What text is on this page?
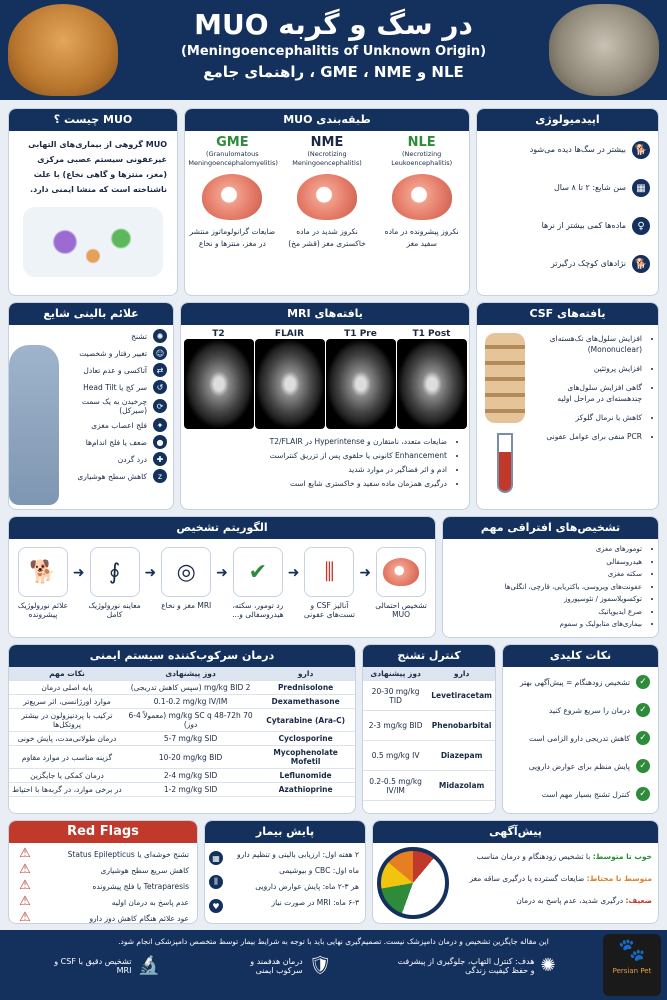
MUO در سگ و گربه
(Meningoencephalitis of Unknown Origin)
راهنمای جامع ، GME ، NME و NLE
MUO چیست ؟
MUO گروهی از بیماری‌های التهابی غیرعفونی سیستم عصبی مرکزی (مغز، منتزها و گاهی نخاع) با علت ناشناخته است که منشا ایمنی دارد.
طبقه‌بندی MUO
NLE
(Necrotizing Leukoencephalitis)
نکروز پیشرونده در ماده سفید مغز
NME
(Necrotizing Meningoencephalitis)
نکروز شدید در ماده خاکستری مغز (قشر مخ)
GME
(Granulomatous Meningoencephalomyelitis)
ضایعات گرانولوماتوز منتشر در مغز، منتزها و نخاع
اپیدمیولوژی
🐕
بیشتر در سگ‌ها دیده می‌شود
▦
سن شایع: ۲ تا ۸ سال
♀
ماده‌ها کمی بیشتر از نرها
🐕
نژادهای کوچک درگیرتر
علائم بالینی شایع
✺
تشنج
☺
تغییر رفتار و شخصیت
⇄
آتاکسی و عدم تعادل
↺
سر کج یا Head Tilt
⟳
چرخیدن به یک سمت (سیرکل)
✦
فلج اعصاب مغزی
●
ضعف یا فلج اندام‌ها
✚
درد گردن
z
کاهش سطح هوشیاری
یافته‌های MRI
T1 Post
T1 Pre
FLAIR
T2
• ضایعات متعدد، نامتقارن و Hyperintense در T2/FLAIR
• Enhancement کانونی یا حلقوی پس از تزریق کنتراست
• ادم و اثر فضاگیر در موارد شدید
• درگیری همزمان ماده سفید و خاکستری شایع است
یافته‌های CSF
• افزایش سلول‌های تک‌هسته‌ای (Mononuclear)
• افزایش پروتئین
• گاهی افزایش سلول‌های چندهسته‌ای در مراحل اولیه
• کاهش یا نرمال گلوکز
• PCR منفی برای عوامل عفونی
الگوریتم تشخیص
🐕
علائم نورولوژیک پیشرونده
➜	∮
معاینه نورولوژیک کامل
➜ ◎
MRI مغز و نخاع
➜ ✔
رد تومور، سکته، هیدروسفالی و...
➜	⫼
آنالیز CSF و تست‌های عفونی
➜
تشخیص احتمالی MUO
تشخیص‌های افتراقی مهم
• تومورهای مغزی
• هیدروسفالی
• سکته مغزی
• عفونت‌های ویروسی، باکتریایی، قارچی، انگلی‌ها
• توکسوپلاسموز / نئوسپوروز
• صرع ایدیوپاتیک
• بیماری‌های متابولیک و سموم
درمان سرکوب‌کننده سیستم ایمنی
دارو	دوز پیشنهادی	نکات مهم
Prednisolone	2 mg/kg BID (سپس کاهش تدریجی)	پایه اصلی درمان
Dexamethasone	0.1-0.2 mg/kg IV/IM	موارد اورژانسی، اثر سریع‌تر
Cytarabine (Ara-C)	70 mg/kg SC q 48-72h (معمولاً 4-6 دوز)	ترکیب با پردنیزولون در بیشتر پروتکل‌ها
Cyclosporine	5-7 mg/kg SID	درمان طولانی‌مدت، پایش خونی
Mycophenolate Mofetil	10-20 mg/kg BID	گزینه مناسب در موارد مقاوم
Leflunomide	2-4 mg/kg SID	درمان کمکی یا جایگزین
Azathioprine	1-2 mg/kg SID	در برخی موارد، در گربه‌ها با احتیاط
کنترل تشنج
دارو	دوز پیشنهادی
Levetiracetam	20-30 mg/kg TID
Phenobarbital	2-3 mg/kg BID
Diazepam	0.5 mg/kg IV
Midazolam	0.2-0.5 mg/kg IV/IM
نکات کلیدی
✓
تشخیص زودهنگام = پیش‌آگهی بهتر
✓
درمان را سریع شروع کنید
✓
کاهش تدریجی دارو الزامی است
✓
پایش منظم برای عوارض دارویی
✓
کنترل تشنج بسیار مهم است
Red Flags
تشنج خوشه‌ای یا Status Epilepticus
⚠
کاهش سریع سطح هوشیاری
⚠
Tetraparesis یا فلج پیشرونده
⚠
عدم پاسخ به درمان اولیه
⚠
عود علائم هنگام کاهش دوز دارو
⚠
پایش بیمار
۲ هفته اول: ارزیابی بالینی و تنظیم دارو
ماه اول: CBC و بیوشیمی
هر ۳-۲ ماه: پایش عوارض دارویی
۶-۳ ماه: MRI در صورت نیاز
▦
⫼
♥
پیش‌آگهی
خوب تا متوسط: با تشخیص زودهنگام و درمان مناسب
متوسط تا محتاط: ضایعات گسترده یا درگیری ساقه مغز
ضعیف: درگیری شدید، عدم پاسخ به درمان
این مقاله جایگزین تشخیص و درمان دامپزشک نیست. تصمیم‌گیری نهایی باید با توجه به شرایط بیمار توسط متخصص دامپزشکی انجام شود.
🔬
تشخیص دقیق با CSF و MRI	🛡
درمان هدفمند و سرکوب ایمنی	✺
هدف: کنترل التهاب، جلوگیری از پیشرفت و حفظ کیفیت زندگی
🐾
Persian Pet
